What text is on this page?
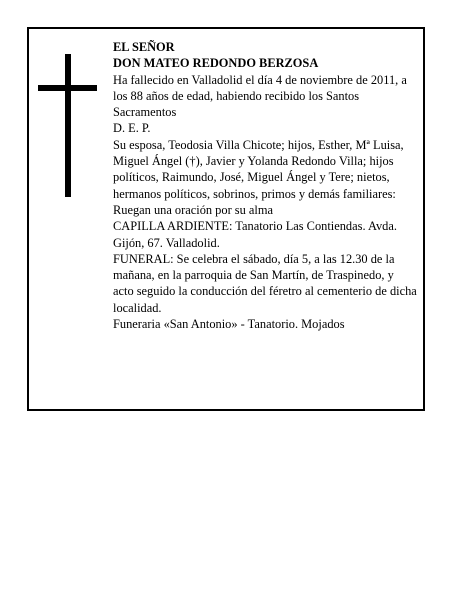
EL SEÑOR
DON MATEO REDONDO BERZOSA
Ha fallecido en Valladolid el día 4 de noviembre de 2011, a los 88 años de edad, habiendo recibido los Santos Sacramentos
D. E. P.
Su esposa, Teodosia Villa Chicote; hijos, Esther, Mª Luisa, Miguel Ángel (†), Javier y Yolanda Redondo Villa; hijos políticos, Raimundo, José, Miguel Ángel y Tere; nietos, hermanos políticos, sobrinos, primos y demás familiares:
Ruegan una oración por su alma
CAPILLA ARDIENTE: Tanatorio Las Contiendas. Avda. Gijón, 67. Valladolid.
FUNERAL: Se celebra el sábado, día 5, a las 12.30 de la mañana, en la parroquia de San Martín, de Traspinedo, y acto seguido la conducción del féretro al cementerio de dicha localidad.
Funeraria «San Antonio» - Tanatorio. Mojados
